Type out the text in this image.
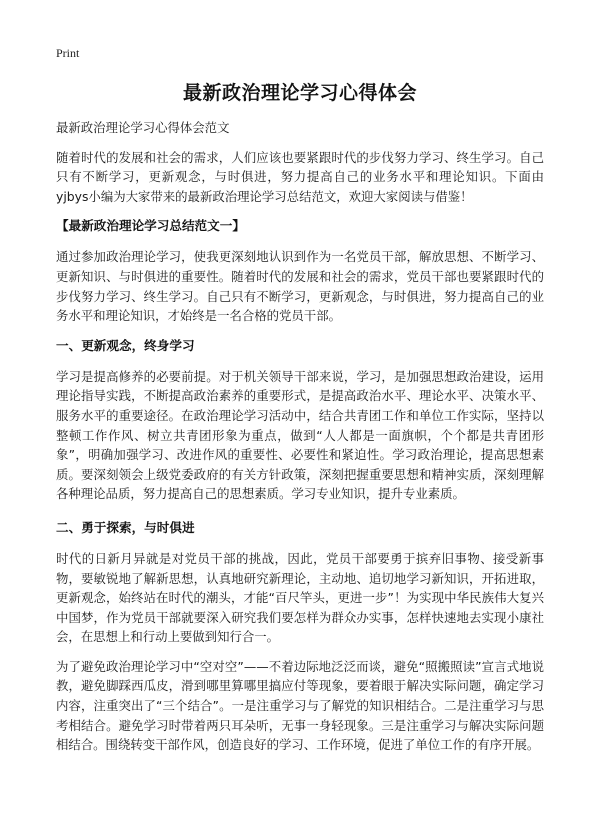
Print
最新政治理论学习心得体会

最新政治理论学习心得体会范文

随着时代的发展和社会的需求，人们应该也要紧跟时代的步伐努力学习、终生学习。自己只有不断学习，更新观念，与时俱进，努力提高自己的业务水平和理论知识。下面由yjbys小编为大家带来的最新政治理论学习总结范文，欢迎大家阅读与借鉴！

【最新政治理论学习总结范文一】

通过参加政治理论学习，使我更深刻地认识到作为一名党员干部，解放思想、不断学习、更新知识、与时俱进的重要性。随着时代的发展和社会的需求，党员干部也要紧跟时代的步伐努力学习、终生学习。自己只有不断学习，更新观念，与时俱进，努力提高自己的业务水平和理论知识，才始终是一名合格的党员干部。

一、更新观念，终身学习

学习是提高修养的必要前提。对于机关领导干部来说，学习，是加强思想政治建设，运用理论指导实践，不断提高政治素养的重要形式，是提高政治水平、理论水平、决策水平、服务水平的重要途径。在政治理论学习活动中，结合共青团工作和单位工作实际，坚持以整顿工作作风、树立共青团形象为重点，做到“人人都是一面旗帜，个个都是共青团形象”，明确加强学习、改进作风的重要性、必要性和紧迫性。学习政治理论，提高思想素质。要深刻领会上级党委政府的有关方针政策，深刻把握重要思想和精神实质，深刻理解各种理论品质，努力提高自己的思想素质。学习专业知识，提升专业素质。

二、勇于探索，与时俱进

时代的日新月异就是对党员干部的挑战，因此，党员干部要勇于摈弃旧事物、接受新事物，要敏锐地了解新思想，认真地研究新理论，主动地、追切地学习新知识，开拓进取，更新观念，始终站在时代的潮头，才能“百尺竿头，更进一步”！为实现中华民族伟大复兴中国梦，作为党员干部就要深入研究我们要怎样为群众办实事，怎样快速地去实现小康社会，在思想上和行动上要做到知行合一。

为了避免政治理论学习中“空对空”——不着边际地泛泛而谈，避免“照搬照读”宣言式地说教，避免脚踩西瓜皮，滑到哪里算哪里搞应付等现象，要着眼于解决实际问题，确定学习内容，注重突出了“三个结合”。一是注重学习与了解党的知识相结合。二是注重学习与思考相结合。避免学习时带着两只耳朵听，无事一身轻现象。三是注重学习与解决实际问题相结合。围绕转变干部作风，创造良好的学习、工作环境，促进了单位工作的有序开展。
